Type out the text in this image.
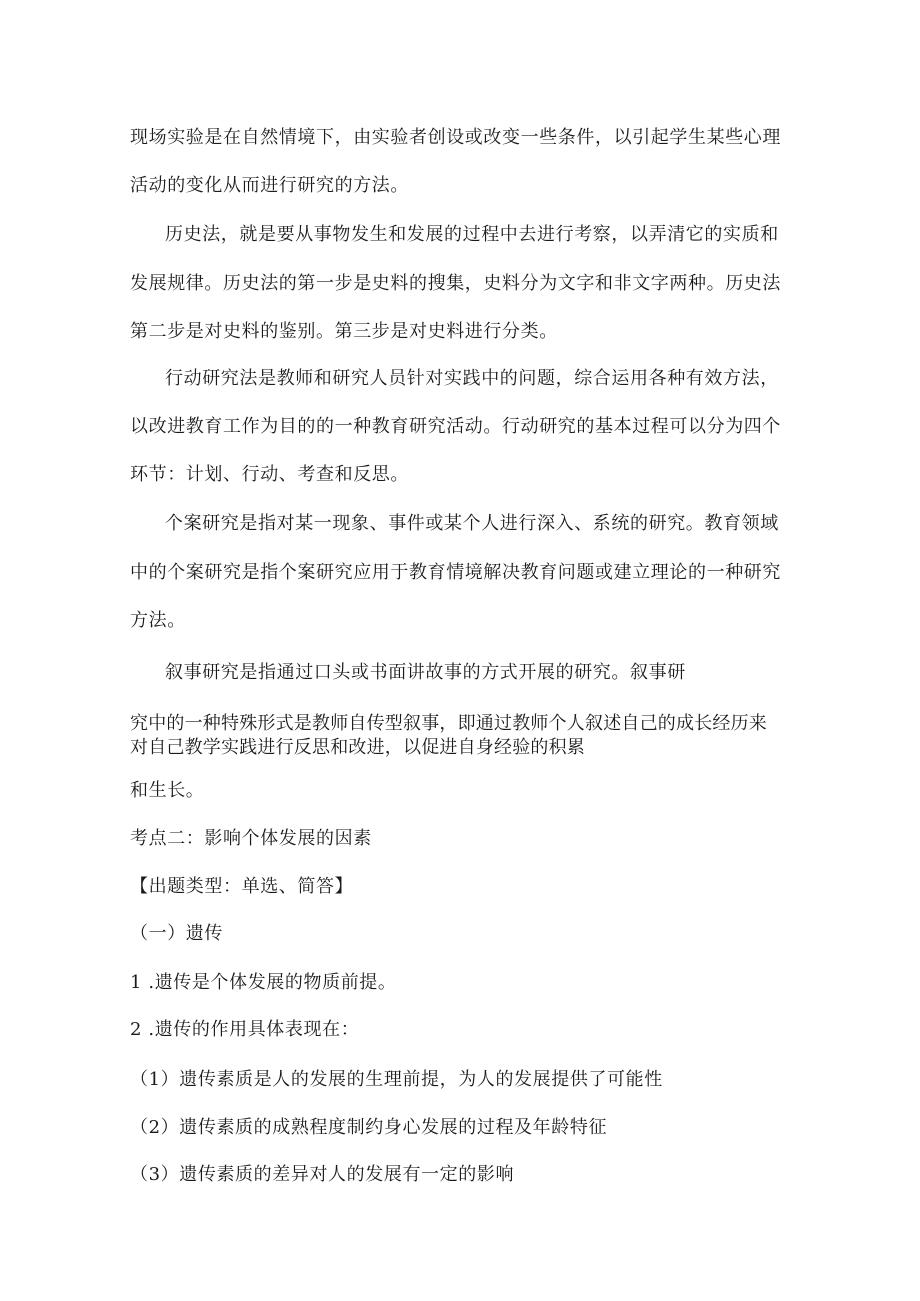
现场实验是在自然情境下，由实验者创设或改变一些条件，以引起学生某些心理

活动的变化从而进行研究的方法。

历史法，就是要从事物发生和发展的过程中去进行考察，以弄清它的实质和

发展规律。历史法的第一步是史料的搜集，史料分为文字和非文字两种。历史法

第二步是对史料的鉴别。第三步是对史料进行分类。

行动研究法是教师和研究人员针对实践中的问题，综合运用各种有效方法，

以改进教育工作为目的的一种教育研究活动。行动研究的基本过程可以分为四个

环节：计划、行动、考查和反思。

个案研究是指对某一现象、事件或某个人进行深入、系统的研究。教育领域

中的个案研究是指个案研究应用于教育情境解决教育问题或建立理论的一种研究

方法。

叙事研究是指通过口头或书面讲故事的方式开展的研究。叙事研

究中的一种特殊形式是教师自传型叙事，即通过教师个人叙述自己的成长经历来

对自己教学实践进行反思和改进，以促进自身经验的积累

和生长。

考点二：影响个体发展的因素

【出题类型：单选、简答】

（一）遗传

1 .遗传是个体发展的物质前提。

2 .遗传的作用具体表现在：

（1）遗传素质是人的发展的生理前提，为人的发展提供了可能性

（2）遗传素质的成熟程度制约身心发展的过程及年龄特征

（3）遗传素质的差异对人的发展有一定的影响
